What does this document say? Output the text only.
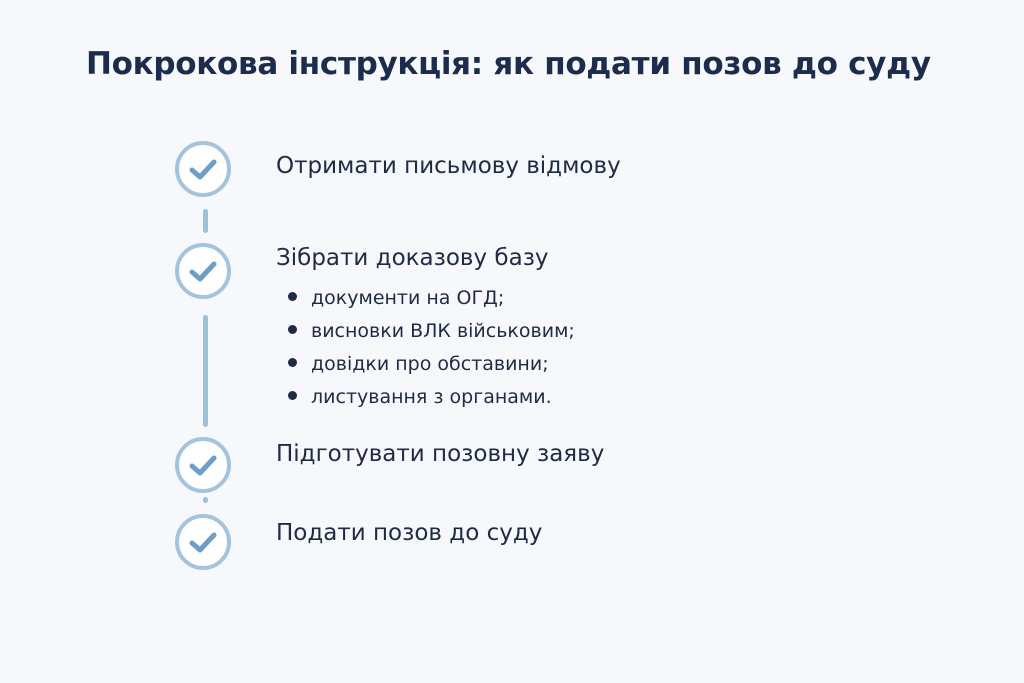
Покрокова інструкція: як подати позов до суду

Отримати письмову відмову

Зібрати доказову базу

документи на ОГД;
висновки ВЛК військовим;
довідки про обставини;
листування з органами.

Підготувати позовну заяву

Подати позов до суду
